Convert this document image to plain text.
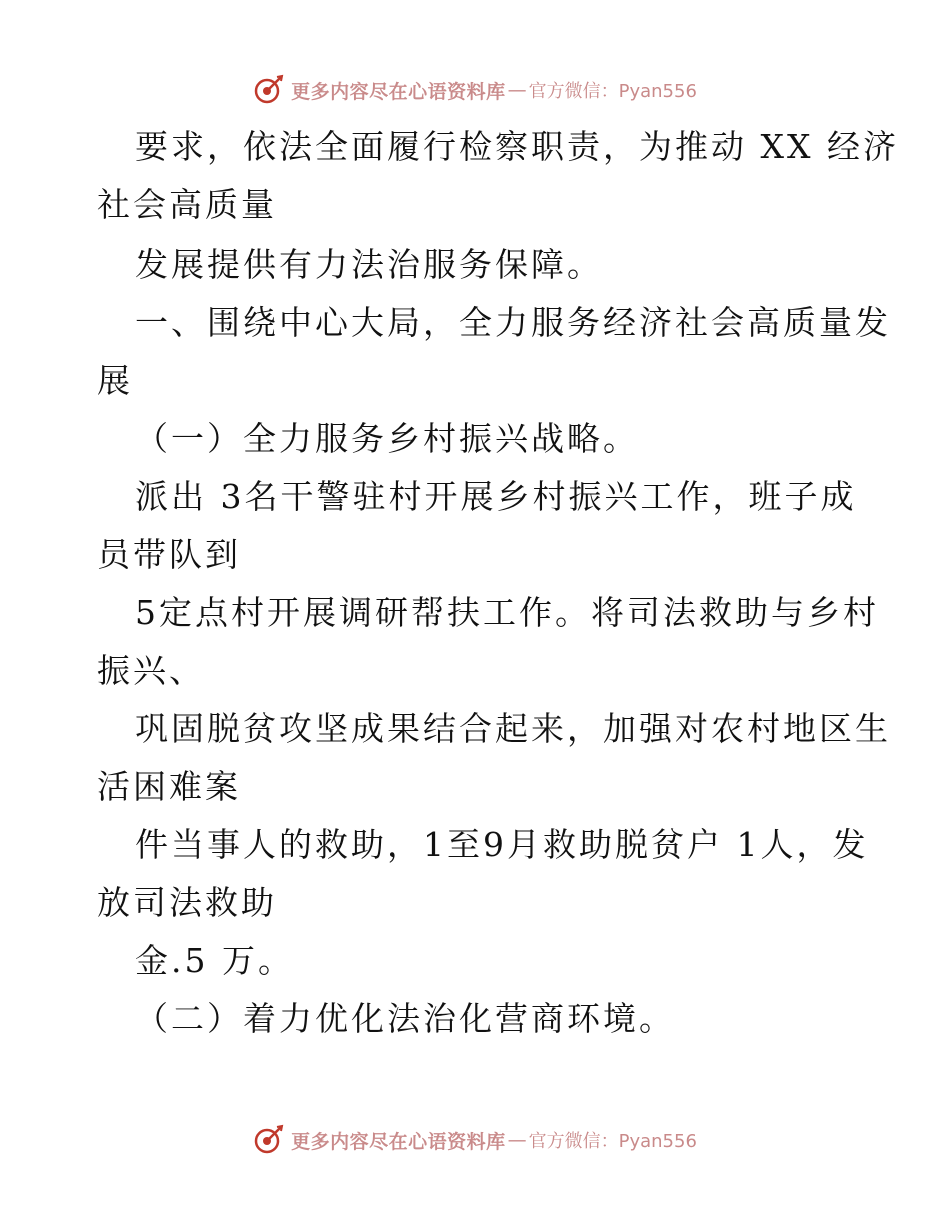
更多内容尽在心语资料库 — 官方微信：Pyan556
要求，依法全面履行检察职责，为推动 XX 经济
社会高质量
发展提供有力法治服务保障。
一、围绕中心大局，全力服务经济社会高质量发
展
（一）全力服务乡村振兴战略。
派出 3名干警驻村开展乡村振兴工作，班子成
员带队到
5定点村开展调研帮扶工作。将司法救助与乡村
振兴、
巩固脱贫攻坚成果结合起来，加强对农村地区生
活困难案
件当事人的救助，1至9月救助脱贫户 1人，发
放司法救助
金.5 万。
（二）着力优化法治化营商环境。
更多内容尽在心语资料库 — 官方微信：Pyan556
